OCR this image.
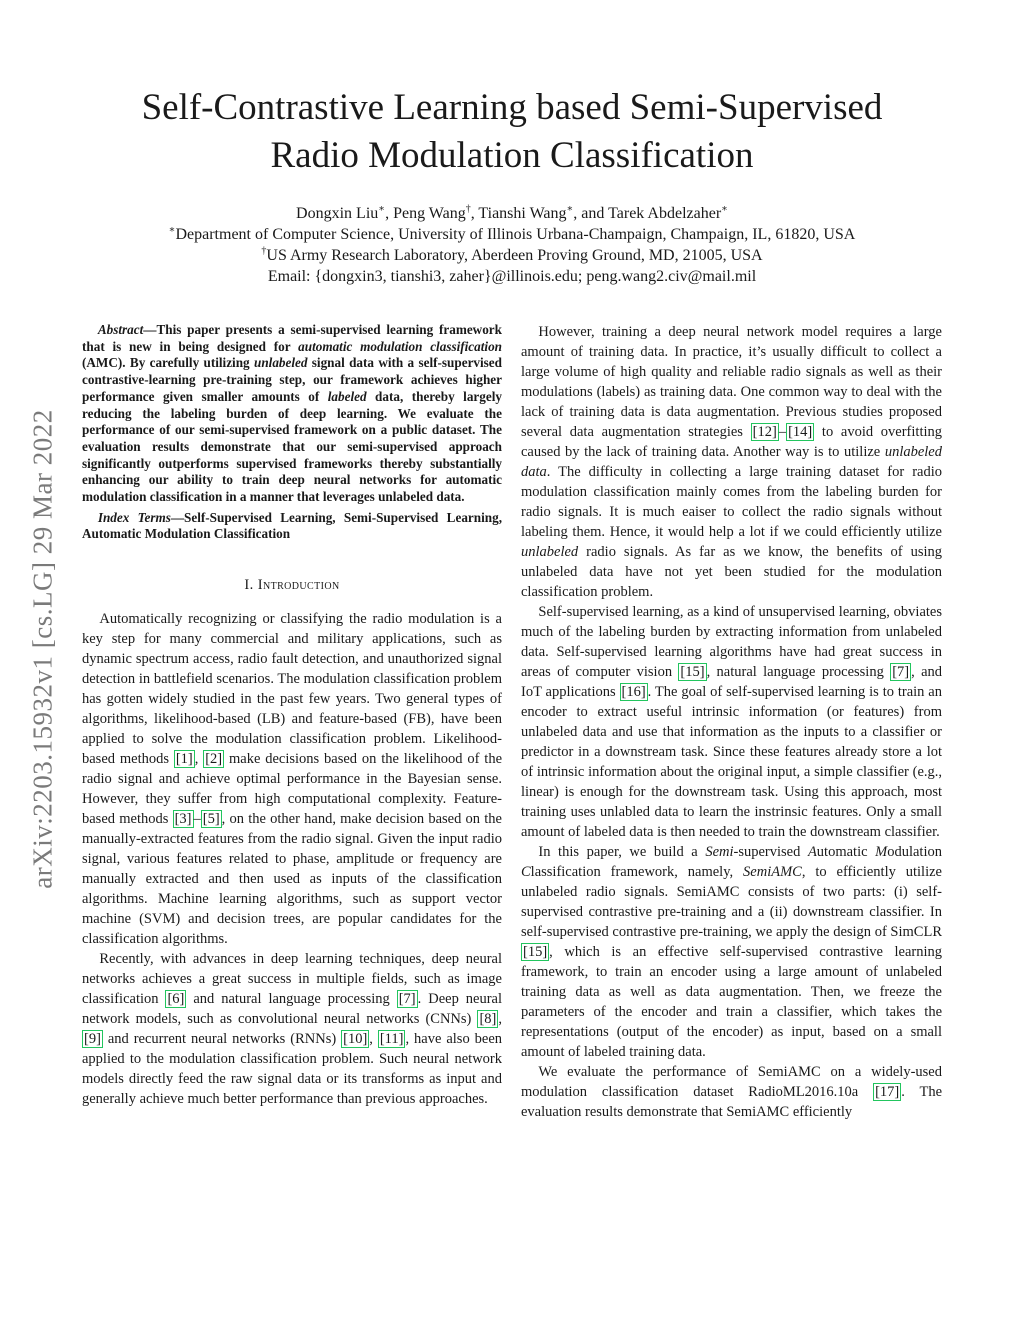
Self-Contrastive Learning based Semi-Supervised
Radio Modulation Classification
Dongxin Liu∗, Peng Wang†, Tianshi Wang∗, and Tarek Abdelzaher∗
∗Department of Computer Science, University of Illinois Urbana-Champaign, Champaign, IL, 61820, USA
†US Army Research Laboratory, Aberdeen Proving Ground, MD, 21005, USA
Email: {dongxin3, tianshi3, zaher}@illinois.edu; peng.wang2.civ@mail.mil
arXiv:2203.15932v1 [cs.LG] 29 Mar 2022

Abstract—This paper presents a semi-supervised learning framework that is new in being designed for automatic modulation classification (AMC). By carefully utilizing unlabeled signal data with a self-supervised contrastive-learning pre-training step, our framework achieves higher performance given smaller amounts of labeled data, thereby largely reducing the labeling burden of deep learning. We evaluate the performance of our semi-supervised framework on a public dataset. The evaluation results demonstrate that our semi-supervised approach significantly outperforms supervised frameworks thereby substantially enhancing our ability to train deep neural networks for automatic modulation classification in a manner that leverages unlabeled data.

Index Terms—Self-Supervised Learning, Semi-Supervised Learning, Automatic Modulation Classification

I. Introduction

Automatically recognizing or classifying the radio modulation is a key step for many commercial and military applications, such as dynamic spectrum access, radio fault detection, and unauthorized signal detection in battlefield scenarios. The modulation classification problem has gotten widely studied in the past few years. Two general types of algorithms, likelihood-based (LB) and feature-based (FB), have been applied to solve the modulation classification problem. Likelihood-based methods [1] , [2] make decisions based on the likelihood of the radio signal and achieve optimal performance in the Bayesian sense. However, they suffer from high computational complexity. Feature-based methods [3] – [5] , on the other hand, make decision based on the manually-extracted features from the radio signal. Given the input radio signal, various features related to phase, amplitude or frequency are manually extracted and then used as inputs of the classification algorithms. Machine learning algorithms, such as support vector machine (SVM) and decision trees, are popular candidates for the classification algorithms.

Recently, with advances in deep learning techniques, deep neural networks achieves a great success in multiple fields, such as image classification [6] and natural language processing [7] . Deep neural network models, such as convolutional neural networks (CNNs) [8] , [9] and recurrent neural networks (RNNs) [10] , [11] , have also been applied to the modulation classification problem. Such neural network models directly feed the raw signal data or its transforms as input and generally achieve much better performance than previous approaches.

However, training a deep neural network model requires a large amount of training data. In practice, it’s usually difficult to collect a large volume of high quality and reliable radio signals as well as their modulations (labels) as training data. One common way to deal with the lack of training data is data augmentation. Previous studies proposed several data augmentation strategies [12] – [14] to avoid overfitting caused by the lack of training data. Another way is to utilize unlabeled data. The difficulty in collecting a large training dataset for radio modulation classification mainly comes from the labeling burden for radio signals. It is much eaiser to collect the radio signals without labeling them. Hence, it would help a lot if we could efficiently utilize unlabeled radio signals. As far as we know, the benefits of using unlabeled data have not yet been studied for the modulation classification problem.

Self-supervised learning, as a kind of unsupervised learning, obviates much of the labeling burden by extracting information from unlabeled data. Self-supervised learning algorithms have had great success in areas of computer vision [15] , natural language processing [7] , and IoT applications [16] . The goal of self-supervised learning is to train an encoder to extract useful intrinsic information (or features) from unlabeled data and use that information as the inputs to a classifier or predictor in a downstream task. Since these features already store a lot of intrinsic information about the original input, a simple classifier (e.g., linear) is enough for the downstream task. Using this approach, most training uses unlabled data to learn the instrinsic features. Only a small amount of labeled data is then needed to train the downstream classifier.

In this paper, we build a Semi-supervised Automatic Modulation Classification framework, namely, SemiAMC, to efficiently utilize unlabeled radio signals. SemiAMC consists of two parts: (i) self-supervised contrastive pre-training and a (ii) downstream classifier. In self-supervised contrastive pre-training, we apply the design of SimCLR [15] , which is an effective self-supervised contrastive learning framework, to train an encoder using a large amount of unlabeled training data as well as data augmentation. Then, we freeze the parameters of the encoder and train a classifier, which takes the representations (output of the encoder) as input, based on a small amount of labeled training data.

We evaluate the performance of SemiAMC on a widely-used modulation classification dataset RadioML2016.10a [17] . The evaluation results demonstrate that SemiAMC efficiently
